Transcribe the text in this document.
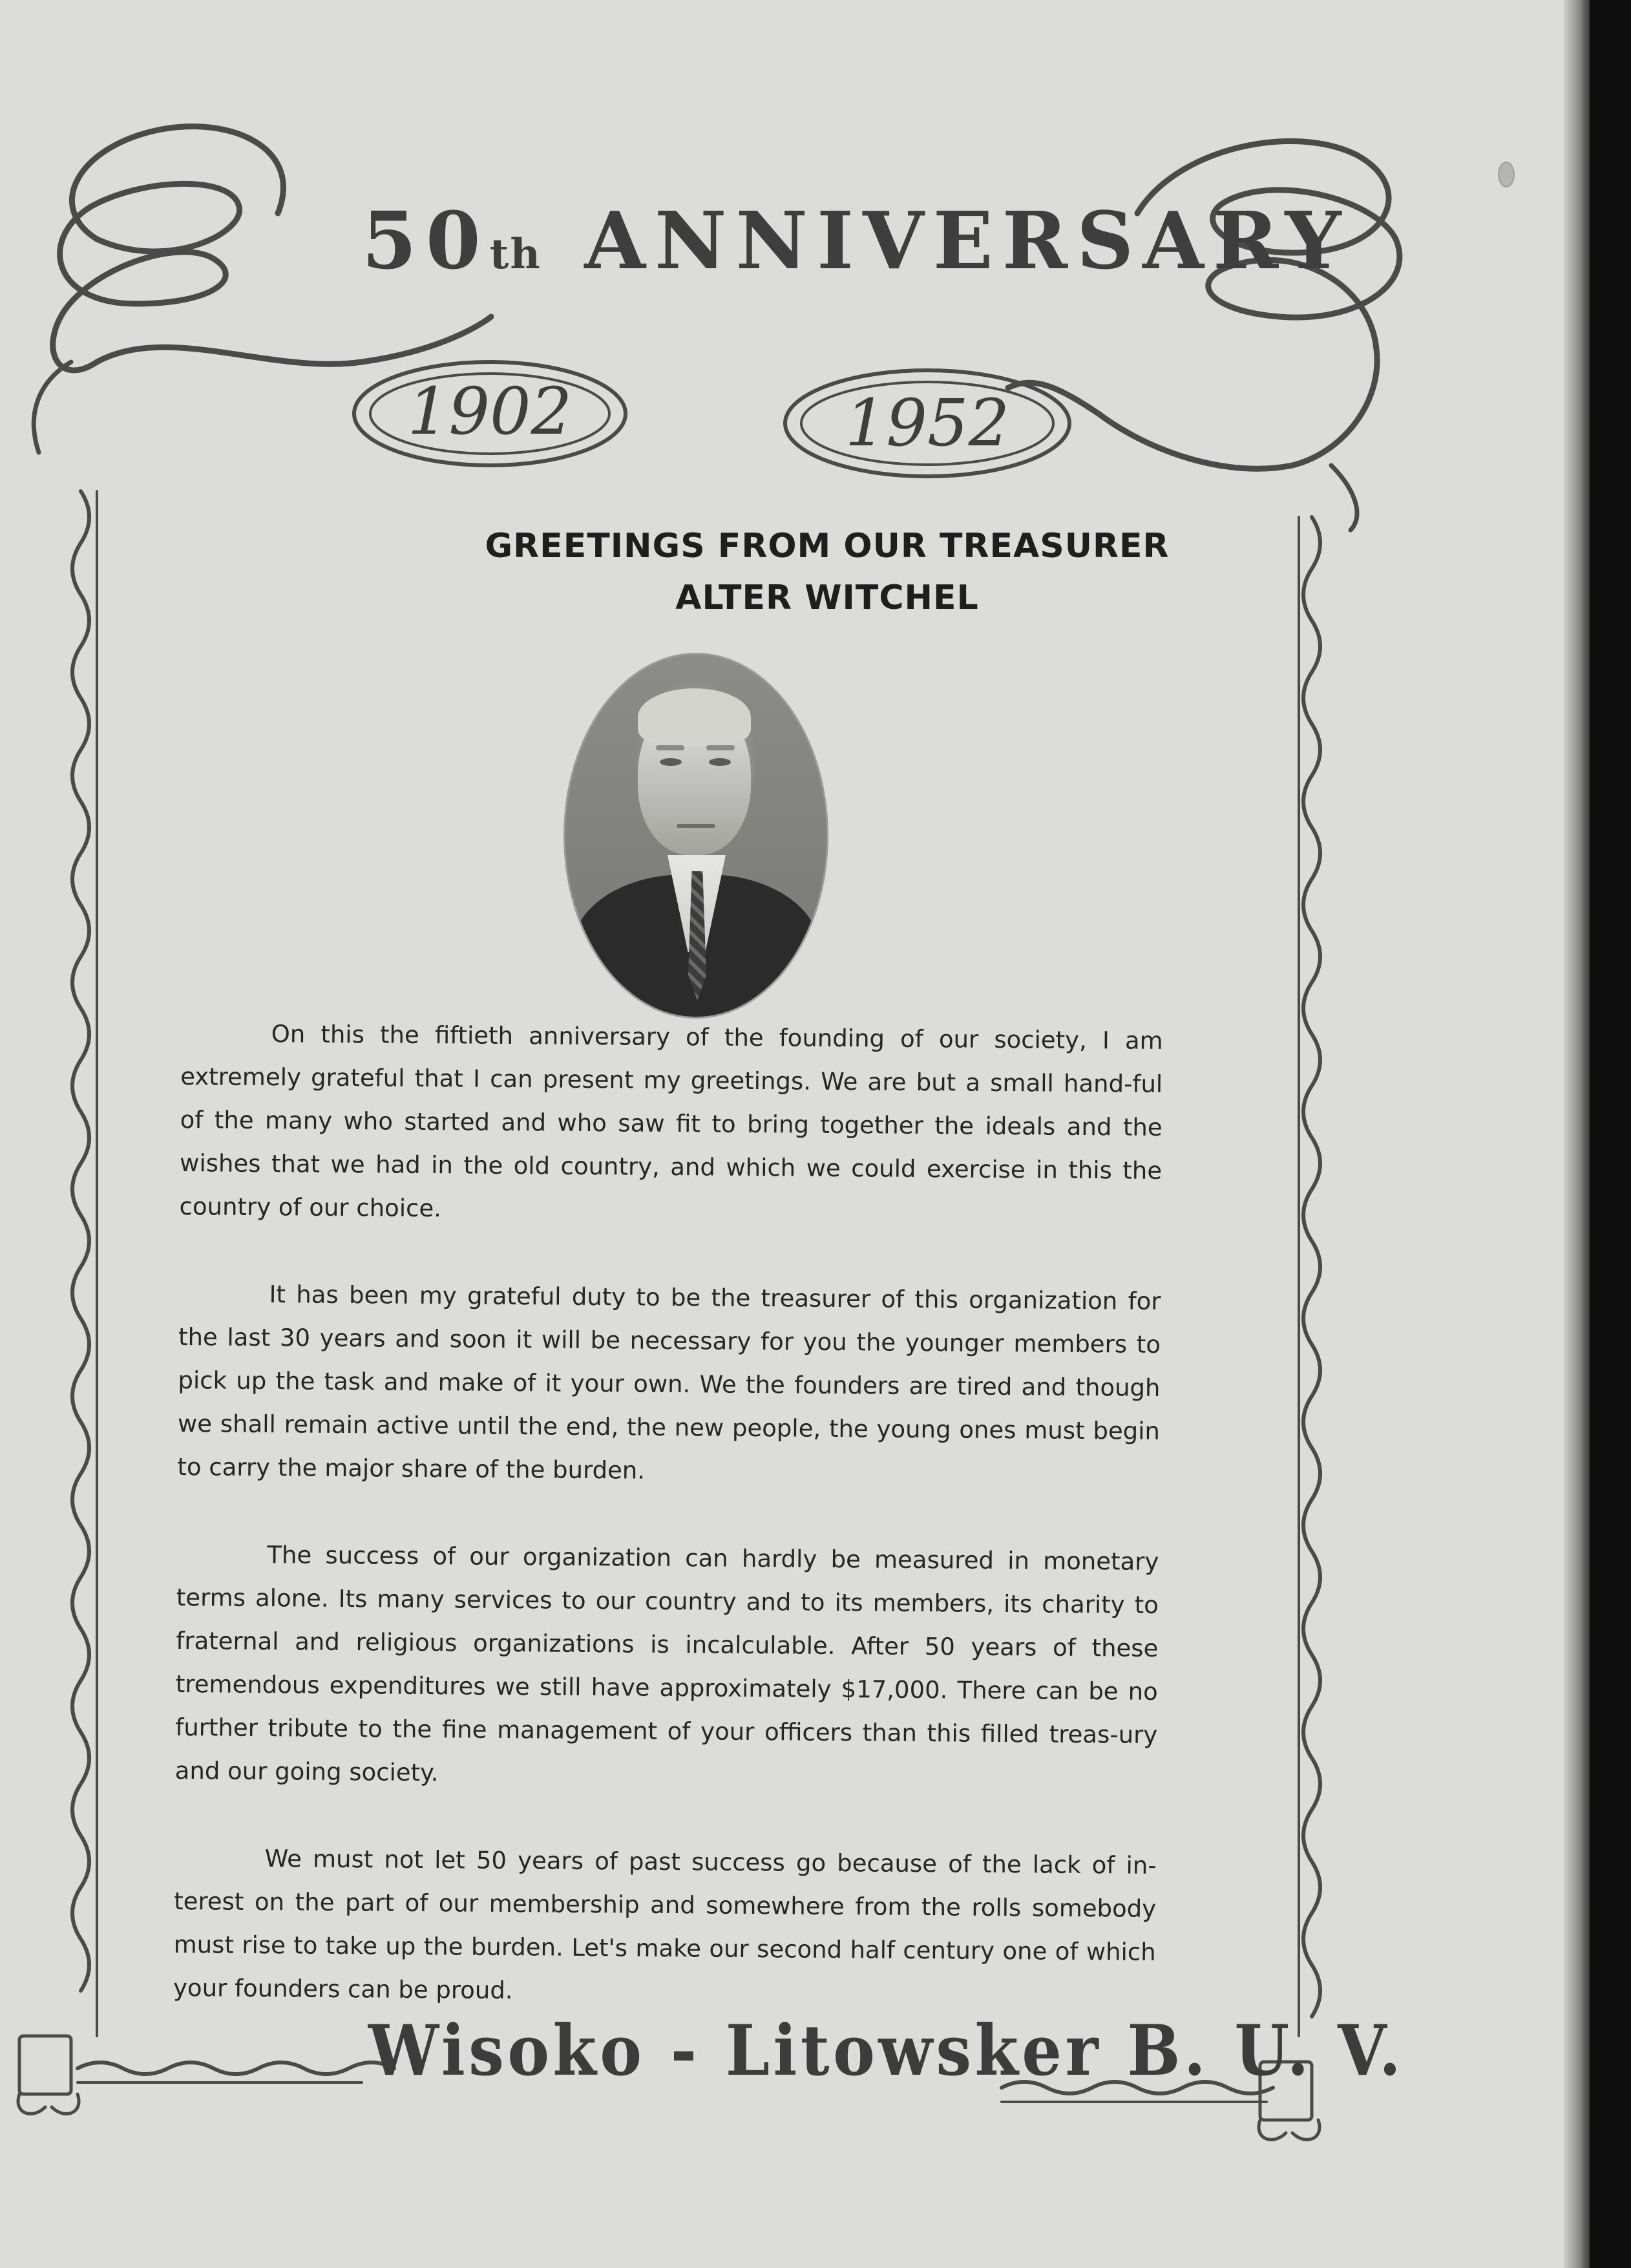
50th ANNIVERSARY
1902	1952
GREETINGS FROM OUR TREASURER
ALTER WITCHEL

On this the fiftieth anniversary of the founding of our society, I am extremely grateful that I can present my greetings. We are but a small hand-ful of the many who started and who saw fit to bring together the ideals and the wishes that we had in the old country, and which we could exercise in this the country of our choice.

It has been my grateful duty to be the treasurer of this organization for the last 30 years and soon it will be necessary for you the younger members to pick up the task and make of it your own. We the founders are tired and though we shall remain active until the end, the new people, the young ones must begin to carry the major share of the burden.

The success of our organization can hardly be measured in monetary terms alone. Its many services to our country and to its members, its charity to fraternal and religious organizations is incalculable. After 50 years of these tremendous expenditures we still have approximately $17,000. There can be no further tribute to the fine management of your officers than this filled treas-ury and our going society.

We must not let 50 years of past success go because of the lack of in-terest on the part of our membership and somewhere from the rolls somebody must rise to take up the burden. Let's make our second half century one of which your founders can be proud.

Wisoko - Litowsker B. U. V.
